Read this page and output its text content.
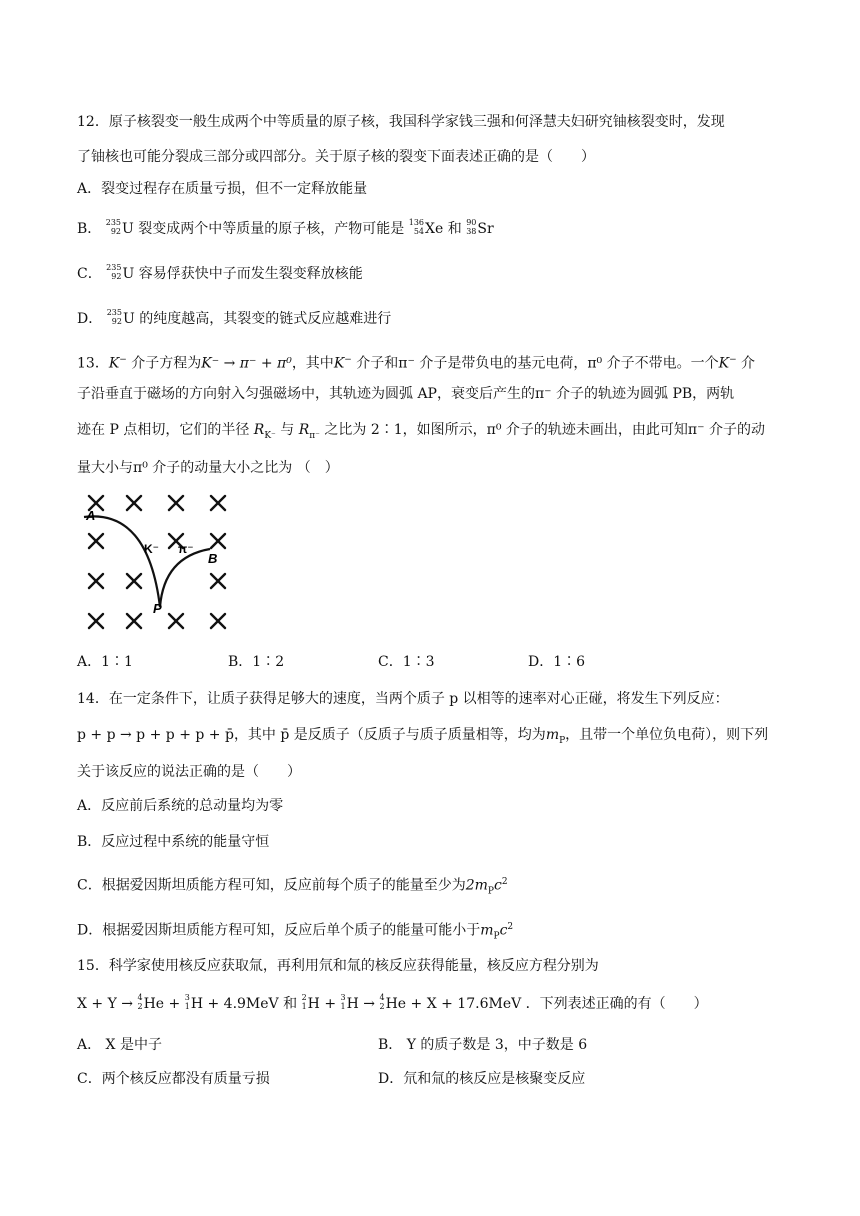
12．原子核裂变一般生成两个中等质量的原子核，我国科学家钱三强和何泽慧夫妇研究铀核裂变时，发现
了铀核也可能分裂成三部分或四部分。关于原子核的裂变下面表述正确的是（　　）
A．裂变过程存在质量亏损，但不一定释放能量
B． 235
92 U 裂变成两个中等质量的原子核，产物可能是 136
54 Xe 和 90
38 Sr
C． 235
92 U 容易俘获快中子而发生裂变释放核能
D． 235
92 U 的纯度越高，其裂变的链式反应越难进行
13．K− 介子方程为K⁻ → π⁻ + π⁰，其中K− 介子和π⁻ 介子是带负电的基元电荷，π⁰ 介子不带电。一个K− 介
子沿垂直于磁场的方向射入匀强磁场中，其轨迹为圆弧 AP，衰变后产生的π⁻ 介子的轨迹为圆弧 PB，两轨
迹在 P 点相切，它们的半径 $R_{K^-}$ 与 $R_{\pi^-}$ 之比为 2∶1，如图所示，π⁰ 介子的轨迹未画出，由此可知π⁻ 介子的动
量大小与π⁰ 介子的动量大小之比为 （　）
A
B
P
K⁻ π⁻
A．1∶1	B．1∶2	C．1∶3	D．1∶6
14．在一定条件下，让质子获得足够大的速度，当两个质子 p 以相等的速率对心正碰，将发生下列反应：
p + p → p + p + p + p̄，其中 p̄ 是反质子（反质子与质子质量相等，均为$m_P$，且带一个单位负电荷），则下列
关于该反应的说法正确的是（　　）
A．反应前后系统的总动量均为零
B．反应过程中系统的能量守恒
C．根据爱因斯坦质能方程可知，反应前每个质子的能量至少为$2m_Pc^2$
D．根据爱因斯坦质能方程可知，反应后单个质子的能量可能小于$m_Pc^2$
15．科学家使用核反应获取氚，再利用氘和氚的核反应获得能量，核反应方程分别为
X + Y → 4
2 He + 3
1 H + 4.9MeV 和 2
1 H + 3
1 H → 4
2 He + X + 17.6MeV ．下列表述正确的有（　　）
A． X 是中子	B． Y 的质子数是 3，中子数是 6
C．两个核反应都没有质量亏损	D．氘和氚的核反应是核聚变反应
